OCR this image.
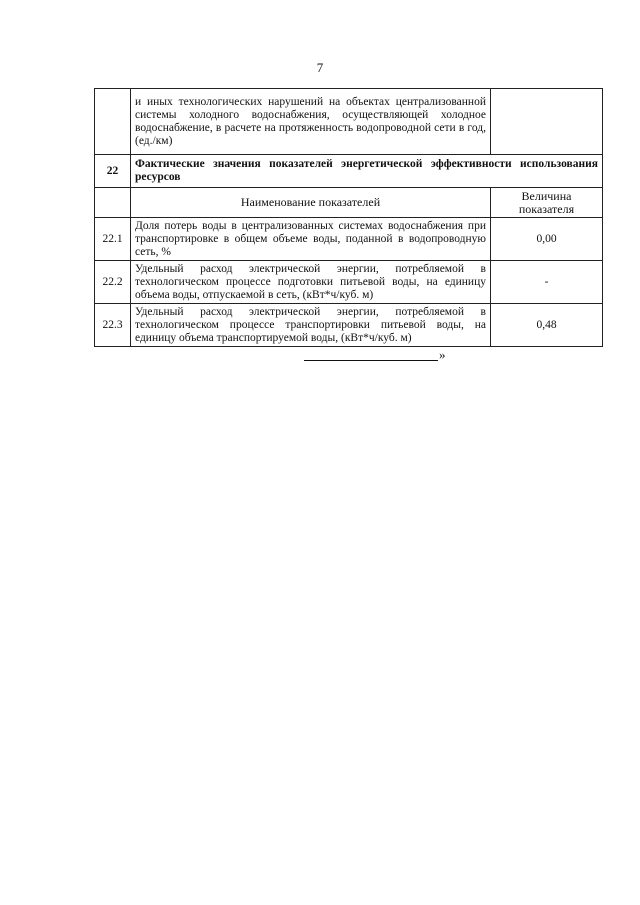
7
	и иных технологических нарушений на объектах централизованной системы холодного водоснабжения, осуществляющей холодное водоснабжение, в расчете на протяженность водопроводной сети в год, (ед./км)	
22	Фактические значения показателей энергетической эффективности использования ресурсов	
	Наименование показателей	Величина показателя
22.1	Доля потерь воды в централизованных системах водоснабжения при транспортировке в общем объеме воды, поданной в водопроводную сеть, %	0,00
22.2	Удельный расход электрической энергии, потребляемой в технологическом процессе подготовки питьевой воды, на единицу объема воды, отпускаемой в сеть, (кВт*ч/куб. м)	-
22.3	Удельный расход электрической энергии, потребляемой в технологическом процессе транспортировки питьевой воды, на единицу объема транспортируемой воды, (кВт*ч/куб. м)	0,48
»
